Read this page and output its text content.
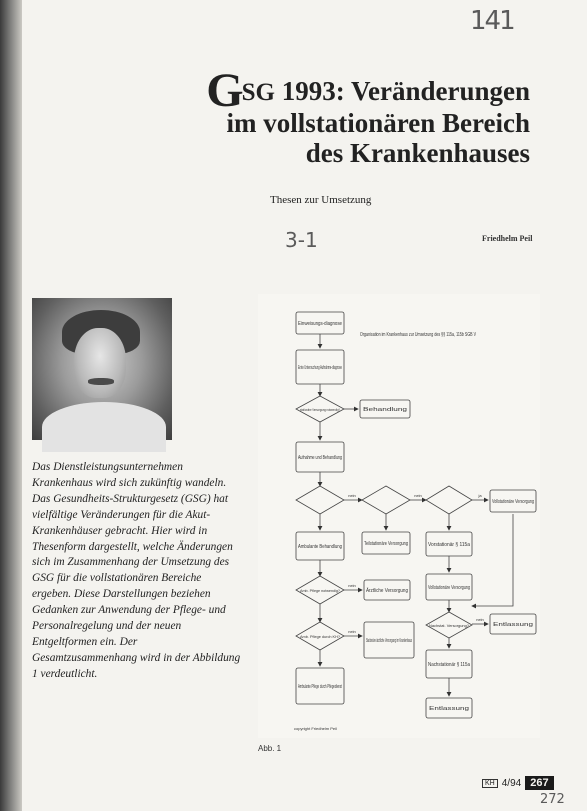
141
GSG 1993: Veränderungen
im vollstationären Bereich
des Krankenhauses
Thesen zur Umsetzung
3-1	Friedhelm Peil

Das Dienstleistungsunternehmen Krankenhaus wird sich zukünftig wandeln. Das Gesundheits-Strukturgesetz (GSG) hat vielfältige Veränderungen für die Akut-Krankenhäuser gebracht. Hier wird in Thesenform dargestellt, welche Änderungen sich im Zusammenhang der Umsetzung des GSG für die vollstationären Bereiche ergeben. Diese Darstellungen beziehen Gedanken zur Anwendung der Pflege- und Personalregelung und der neuen Entgeltformen ein. Der Gesamtzusammenhang wird in der Abbildung 1 verdeutlicht.

Organisation im Krankenhaus zur Umsetzung des §§ 115a, 115b SGB V
Einweisungs-diagnose
Erste Untersuchung Aufnahme-diagnose
stationäre Versorgung notwendig?	Behandlung
Aufnahme und Behandlung
Vollstationäre Versorgung
Ambulante Behandlung	Teilstationäre Versorgung	Vorstationär § 115a
Vollstationäre Versorgung
Amb. Pflege notwendig?	Ärztliche Versorgung
Nachstat. Versorgung?	Entlassung
Amb. Pflege durch KH?
Stationäre ärztliche Versorgung im Krankenhaus
Nachstationär § 115a
Ambulante Pflege durch Pflegedienst
Entlassung
nein	nein	ja
nein
nein
nein
copyright Friedhelm Peil
Abb. 1
KH 4/94 267
272
